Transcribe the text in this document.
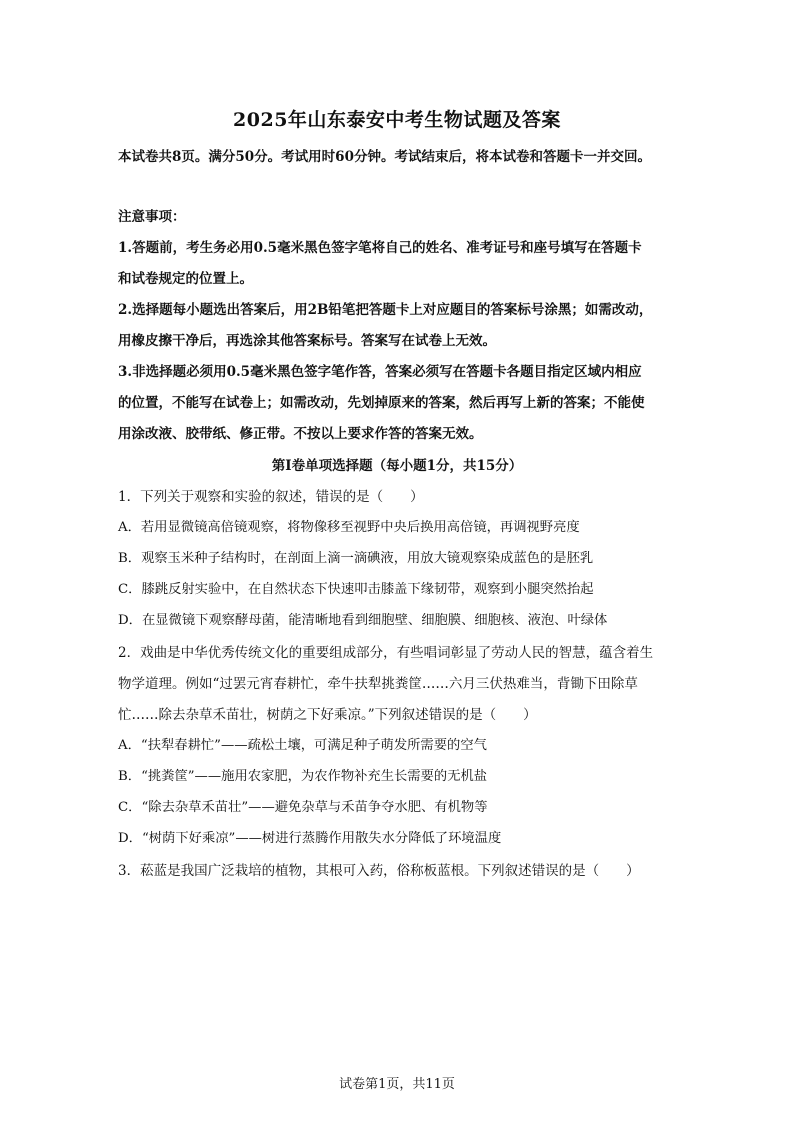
2025年山东泰安中考生物试题及答案
本试卷共8页。满分50分。考试用时60分钟。考试结束后，将本试卷和答题卡一并交回。
注意事项：
1.答题前，考生务必用0.5毫米黑色签字笔将自己的姓名、准考证号和座号填写在答题卡
和试卷规定的位置上。
2.选择题每小题选出答案后，用2B铅笔把答题卡上对应题目的答案标号涂黑；如需改动，
用橡皮擦干净后，再选涂其他答案标号。答案写在试卷上无效。
3.非选择题必须用0.5毫米黑色签字笔作答，答案必须写在答题卡各题目指定区域内相应
的位置，不能写在试卷上；如需改动，先划掉原来的答案，然后再写上新的答案；不能使
用涂改液、胶带纸、修正带。不按以上要求作答的答案无效。
第Ⅰ卷单项选择题（每小题1分，共15分）
1．下列关于观察和实验的叙述，错误的是（　　）
A．若用显微镜高倍镜观察，将物像移至视野中央后换用高倍镜，再调视野亮度
B．观察玉米种子结构时，在剖面上滴一滴碘液，用放大镜观察染成蓝色的是胚乳
C．膝跳反射实验中，在自然状态下快速叩击膝盖下缘韧带，观察到小腿突然抬起
D．在显微镜下观察酵母菌，能清晰地看到细胞壁、细胞膜、细胞核、液泡、叶绿体
2．戏曲是中华优秀传统文化的重要组成部分，有些唱词彰显了劳动人民的智慧，蕴含着生
物学道理。例如“过罢元宵春耕忙，牵牛扶犁挑粪筐……六月三伏热难当，背锄下田除草
忙……除去杂草禾苗壮，树荫之下好乘凉。”下列叙述错误的是（　　）
A．“扶犁春耕忙”——疏松土壤，可满足种子萌发所需要的空气
B．“挑粪筐”——施用农家肥，为农作物补充生长需要的无机盐
C．“除去杂草禾苗壮”——避免杂草与禾苗争夺水肥、有机物等
D．“树荫下好乘凉”——树进行蒸腾作用散失水分降低了环境温度
3．菘蓝是我国广泛栽培的植物，其根可入药，俗称板蓝根。下列叙述错误的是（　　）
试卷第1页，共11页
